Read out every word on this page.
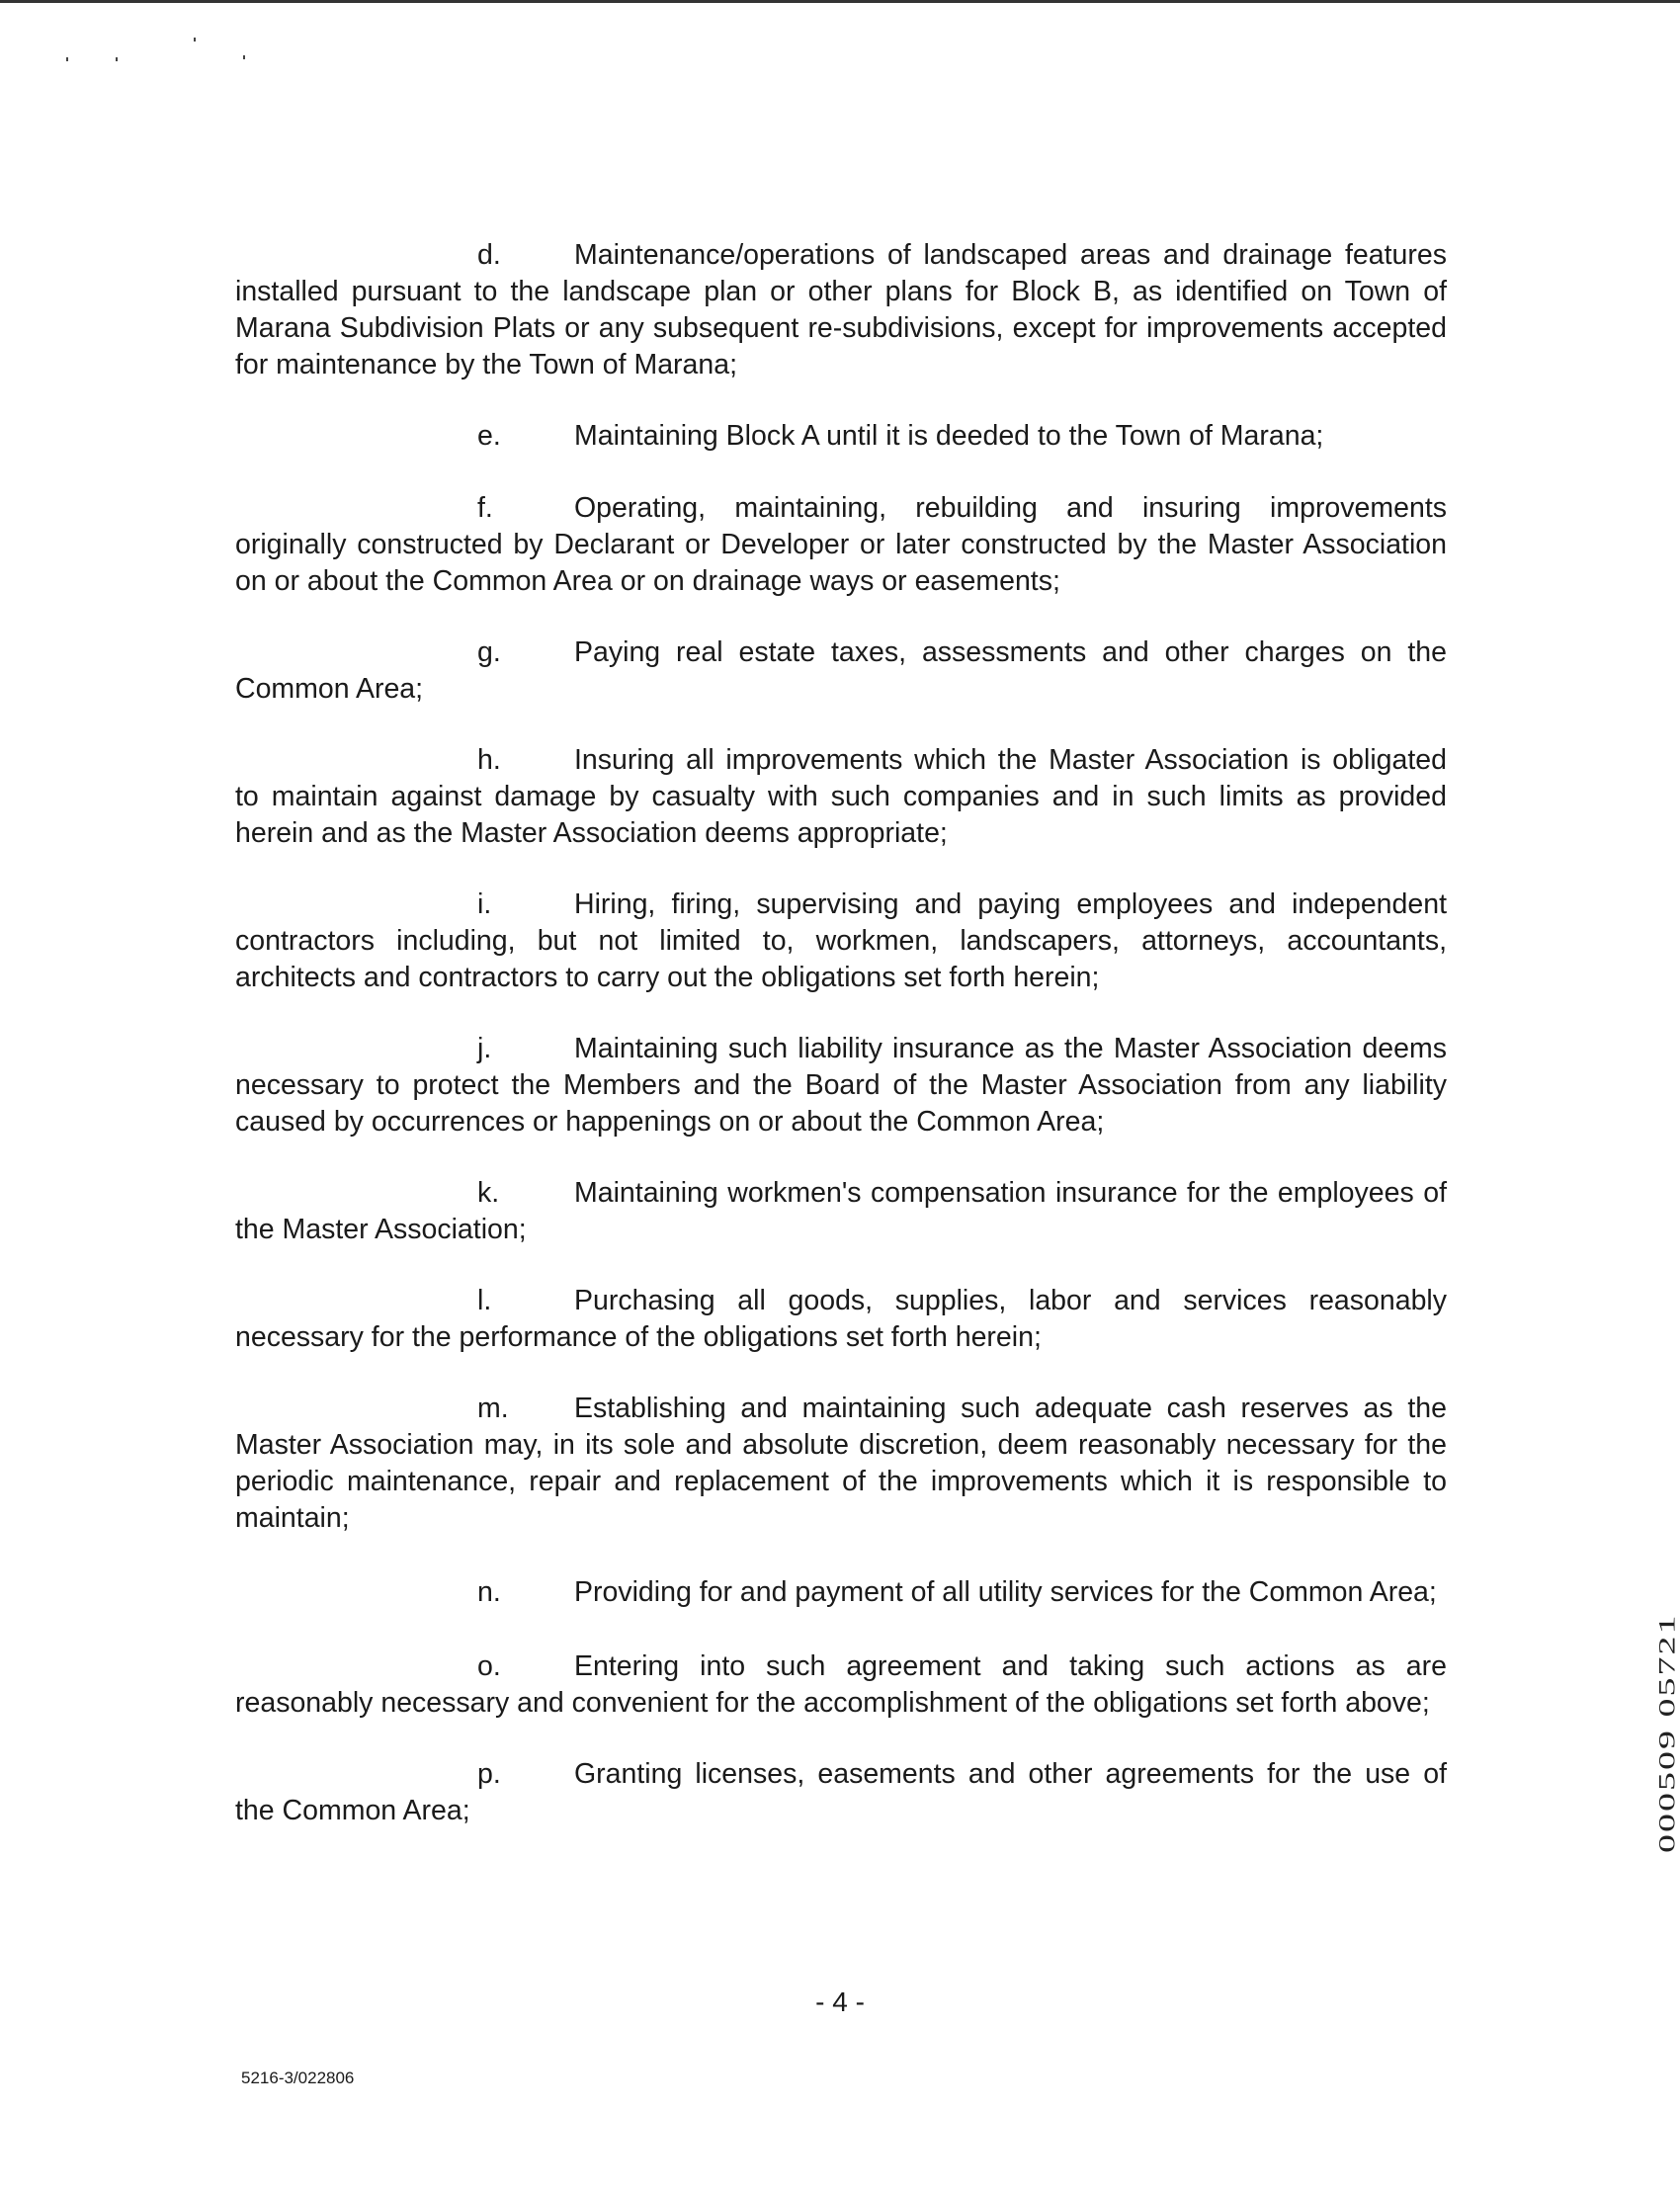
d.	Maintenance/operations of landscaped areas and drainage features installed pursuant to the landscape plan or other plans for Block B, as identified on Town of Marana Subdivision Plats or any subsequent re-subdivisions, except for improvements accepted for maintenance by the Town of Marana;

e.	Maintaining Block A until it is deeded to the Town of Marana;

f.	Operating, maintaining, rebuilding and insuring improvements originally constructed by Declarant or Developer or later constructed by the Master Association on or about the Common Area or on drainage ways or easements;

g.	Paying real estate taxes, assessments and other charges on the Common Area;

h.	Insuring all improvements which the Master Association is obligated to maintain against damage by casualty with such companies and in such limits as provided herein and as the Master Association deems appropriate;

i.	Hiring, firing, supervising and paying employees and independent contractors including, but not limited to, workmen, landscapers, attorneys, accountants, architects and contractors to carry out the obligations set forth herein;

j.	Maintaining such liability insurance as the Master Association deems necessary to protect the Members and the Board of the Master Association from any liability caused by occurrences or happenings on or about the Common Area;

k.	Maintaining workmen's compensation insurance for the employees of the Master Association;

l.	Purchasing all goods, supplies, labor and services reasonably necessary for the performance of the obligations set forth herein;

m. Establishing and maintaining such adequate cash reserves as the Master Association may, in its sole and absolute discretion, deem reasonably necessary for the periodic maintenance, repair and replacement of the improvements which it is responsible to maintain;

n.	Providing for and payment of all utility services for the Common Area;

o.	Entering into such agreement and taking such actions as are reasonably necessary and convenient for the accomplishment of the obligations set forth above;

p.	Granting licenses, easements and other agreements for the use of the Common Area;	000509 05721
- 4 -
5216-3/022806
